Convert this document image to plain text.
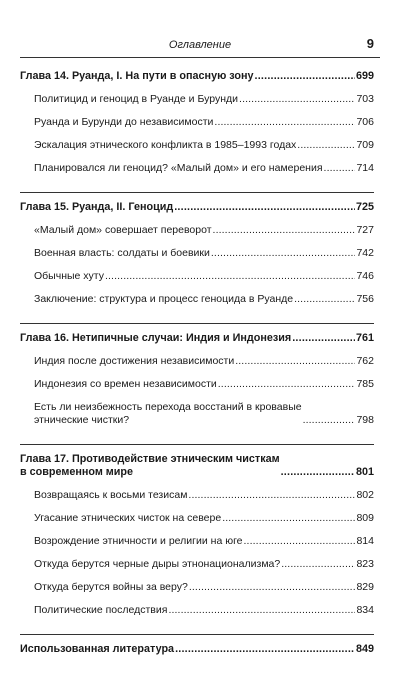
Оглавление	9
Глава 14. Руанда, I. На пути в опасную зону . . .	699
Политицид и геноцид в Руанде и Бурунди . . .	703
Руанда и Бурунди до независимости . . .	706
Эскалация этнического конфликта в 1985–1993 годах . . .	709
Планировался ли геноцид? «Малый дом» и его намерения . . .	714
Глава 15. Руанда, II. Геноцид . . .	725
«Малый дом» совершает переворот . . .	727
Военная власть: солдаты и боевики . . .	742
Обычные хуту . . .	746
Заключение: структура и процесс геноцида в Руанде . . .	756
Глава 16. Нетипичные случаи: Индия и Индонезия . . .	761
Индия после достижения независимости . . .	762
Индонезия со времен независимости . . .	785
Есть ли неизбежность перехода восстаний в кровавые
этнические чистки? . . .	798
Глава 17. Противодействие этническим чисткам
в современном мире . . .	801
Возвращаясь к восьми тезисам . . .	802
Угасание этнических чисток на севере . . .	809
Возрождение этничности и религии на юге . . .	814
Откуда берутся черные дыры этнонационализма? . . .	823
Откуда берутся войны за веру? . . .	829
Политические последствия . . .	834
Использованная литература . . .	849
